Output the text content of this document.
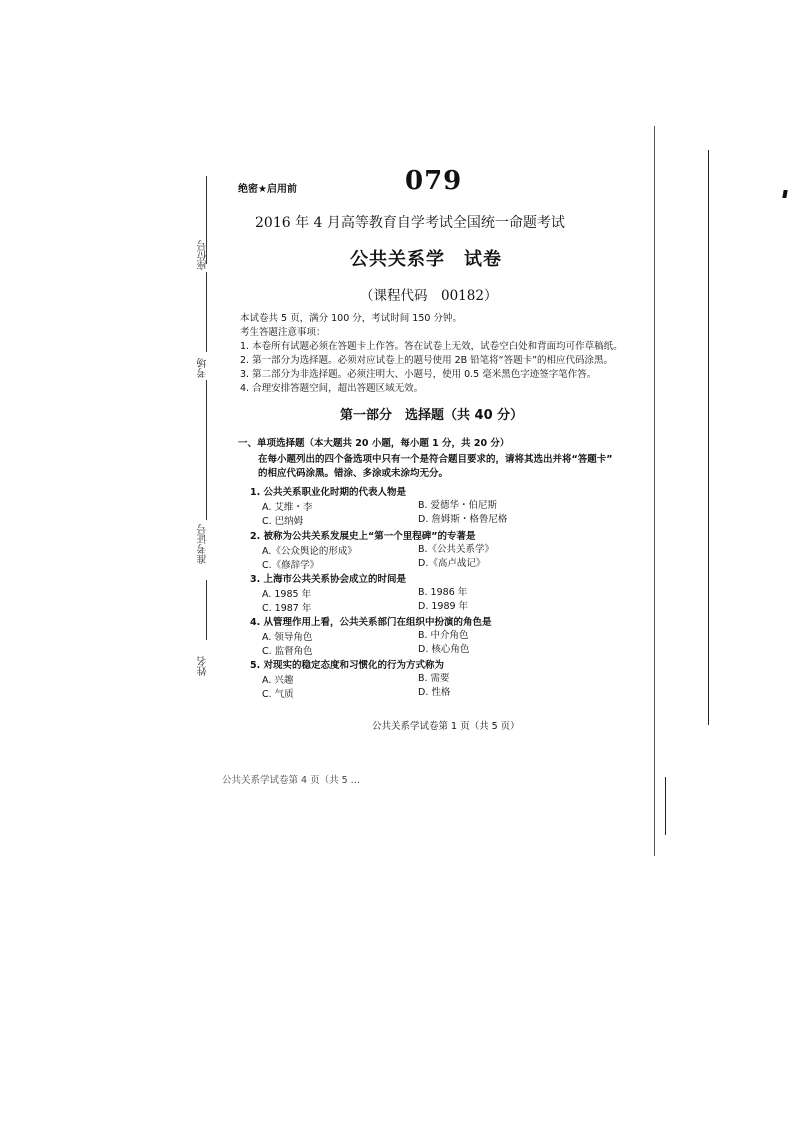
座位号
考场
准考证号
姓名
绝密★启用前	079
2016 年 4 月高等教育自学考试全国统一命题考试
公共关系学　试卷
（课程代码　00182）
本试卷共 5 页，满分 100 分，考试时间 150 分钟。
考生答题注意事项：
1. 本卷所有试题必须在答题卡上作答。答在试卷上无效，试卷空白处和背面均可作草稿纸。
2. 第一部分为选择题。必须对应试卷上的题号使用 2B 铅笔将“答题卡”的相应代码涂黑。
3. 第二部分为非选择题。必须注明大、小题号，使用 0.5 毫米黑色字迹签字笔作答。
4. 合理安排答题空间，超出答题区域无效。
第一部分　选择题（共 40 分）
一、单项选择题（本大题共 20 小题，每小题 1 分，共 20 分）
在每小题列出的四个备选项中只有一个是符合题目要求的，请将其选出并将“答题卡”
的相应代码涂黑。错涂、多涂或未涂均无分。
1. 公共关系职业化时期的代表人物是
A. 艾维・李	B. 爱德华・伯尼斯
C. 巴纳姆	D. 詹姆斯・格鲁尼格
2. 被称为公共关系发展史上“第一个里程碑”的专著是
A.《公众舆论的形成》	B.《公共关系学》
C.《修辞学》	D.《高卢战记》
3. 上海市公共关系协会成立的时间是
A. 1985 年	B. 1986 年
C. 1987 年	D. 1989 年
4. 从管理作用上看，公共关系部门在组织中扮演的角色是
A. 领导角色	B. 中介角色
C. 监督角色	D. 核心角色
5. 对现实的稳定态度和习惯化的行为方式称为
A. 兴趣	B. 需要
C. 气质	D. 性格
公共关系学试卷第 1 页（共 5 页）
公共关系学试卷第 4 页（共 5 …
